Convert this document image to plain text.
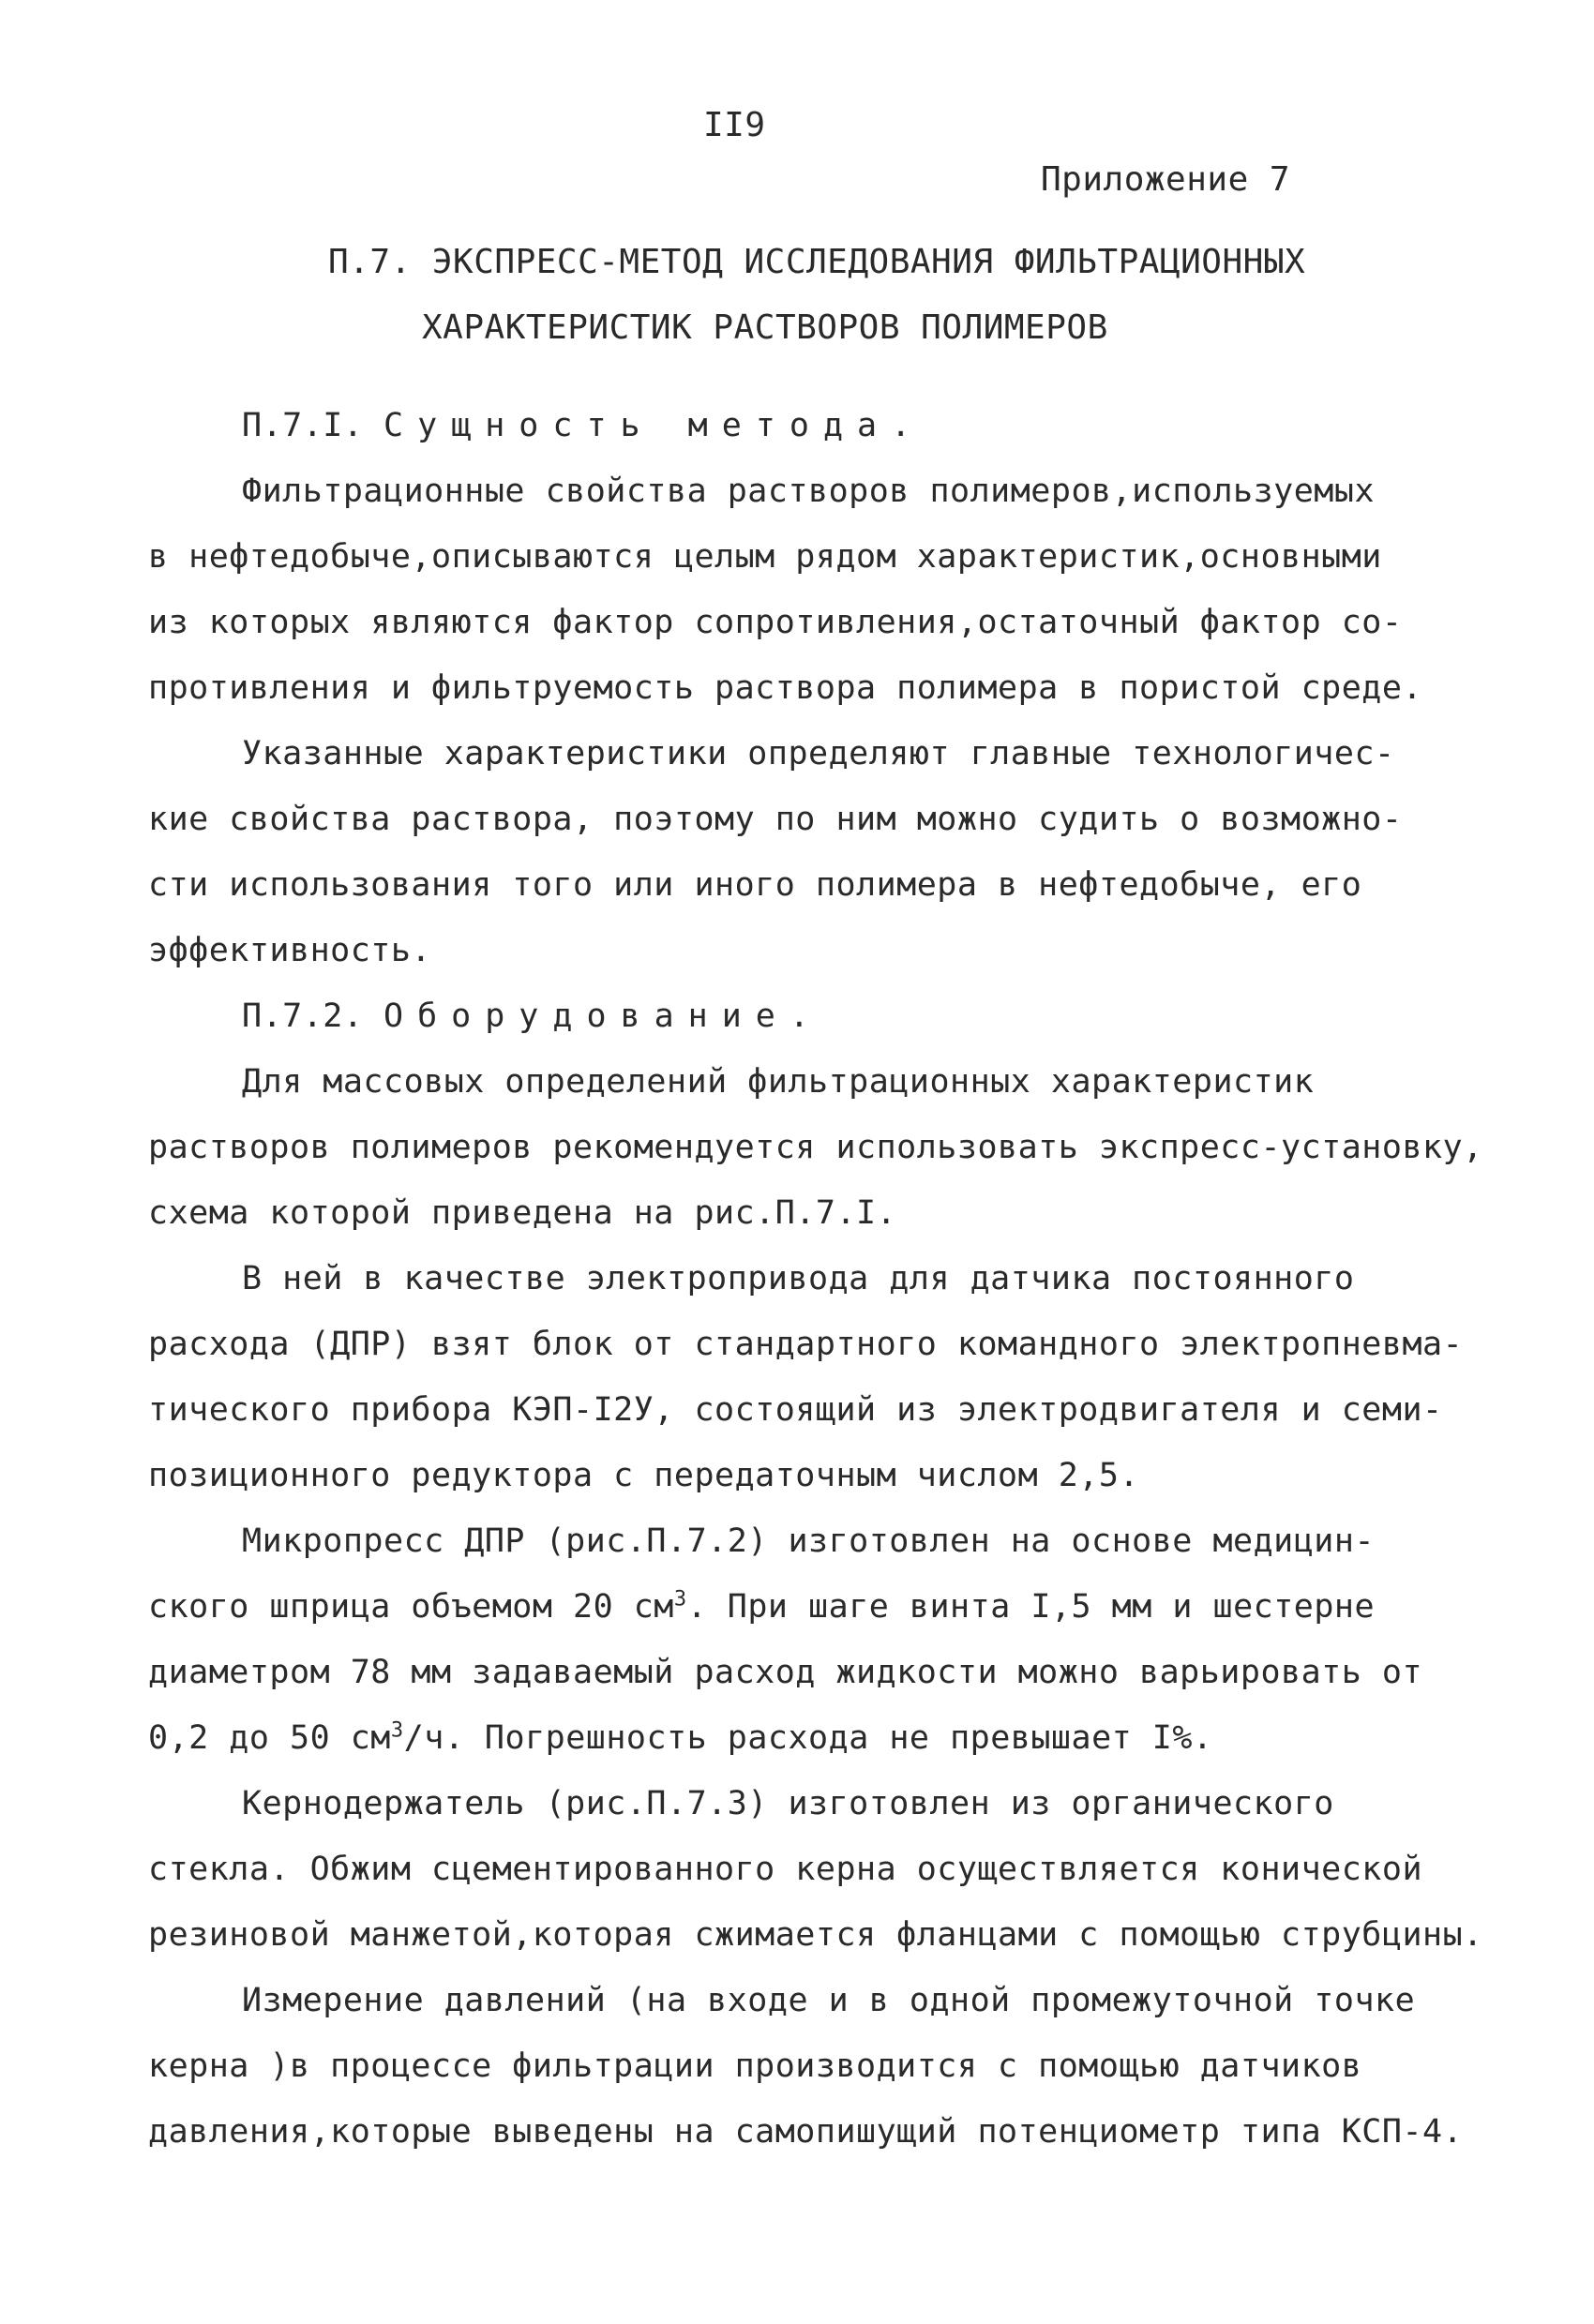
II9
Приложение 7
П.7. ЭКСПРЕСС-МЕТОД ИССЛЕДОВАНИЯ ФИЛЬТРАЦИОННЫХ
ХАРАКТЕРИСТИК РАСТВОРОВ ПОЛИМЕРОВ
П.7.I. Сущность метода.
Фильтрационные свойства растворов полимеров,используемых
в нефтедобыче,описываются целым рядом характеристик,основными
из которых являются фактор сопротивления,остаточный фактор со-
противления и фильтруемость раствора полимера в пористой среде.
Указанные характеристики определяют главные технологичес-
кие свойства раствора, поэтому по ним можно судить о возможно-
сти использования того или иного полимера в нефтедобыче, его
эффективность.
П.7.2. Оборудование.
Для массовых определений фильтрационных характеристик
растворов полимеров рекомендуется использовать экспресс-установку,
схема которой приведена на рис.П.7.I.
В ней в качестве электропривода для датчика постоянного
расхода (ДПР) взят блок от стандартного командного электропневма-
тического прибора КЭП-I2У, состоящий из электродвигателя и семи-
позиционного редуктора с передаточным числом 2,5.
Микропресс ДПР (рис.П.7.2) изготовлен на основе медицин-
ского шприца объемом 20 $см^3$. При шаге винта I,5 мм и шестерне
диаметром 78 мм задаваемый расход жидкости можно варьировать от
0,2 до 50 $см^3/ч$. Погрешность расхода не превышает I%.
Кернодержатель (рис.П.7.3) изготовлен из органического
стекла. Обжим сцементированного керна осуществляется конической
резиновой манжетой,которая сжимается фланцами с помощью струбцины.
Измерение давлений (на входе и в одной промежуточной точке
керна )в процессе фильтрации производится с помощью датчиков
давления,которые выведены на самопишущий потенциометр типа КСП-4.
